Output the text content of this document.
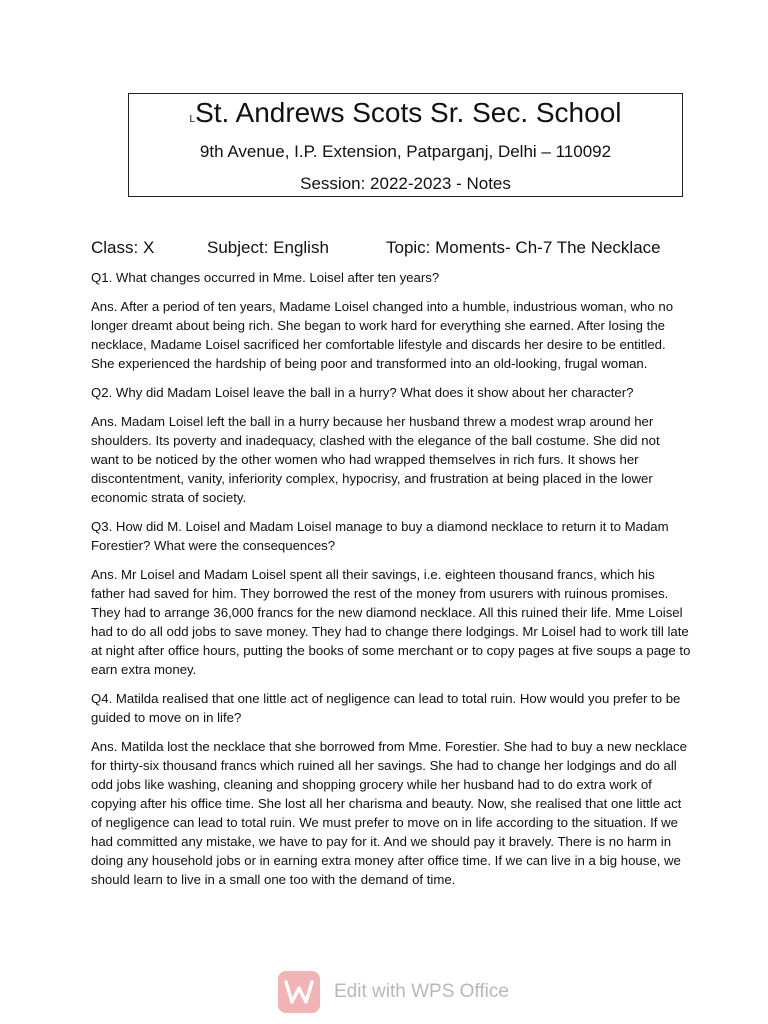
LSt. Andrews Scots Sr. Sec. School
9th Avenue, I.P. Extension, Patparganj, Delhi – 110092
Session: 2022-2023 - Notes
Class: X	Subject: English	Topic: Moments- Ch-7 The Necklace

Q1. What changes occurred in Mme. Loisel after ten years?

Ans. After a period of ten years, Madame Loisel changed into a humble, industrious woman, who no longer dreamt about being rich. She began to work hard for everything she earned. After losing the necklace, Madame Loisel sacrificed her comfortable lifestyle and discards her desire to be entitled. She experienced the hardship of being poor and transformed into an old-looking, frugal woman.

Q2. Why did Madam Loisel leave the ball in a hurry? What does it show about her character?

Ans. Madam Loisel left the ball in a hurry because her husband threw a modest wrap around her shoulders. Its poverty and inadequacy, clashed with the elegance of the ball costume. She did not want to be noticed by the other women who had wrapped themselves in rich furs. It shows her discontentment, vanity, inferiority complex, hypocrisy, and frustration at being placed in the lower economic strata of society.

Q3. How did M. Loisel and Madam Loisel manage to buy a diamond necklace to return it to Madam Forestier? What were the consequences?

Ans. Mr Loisel and Madam Loisel spent all their savings, i.e. eighteen thousand francs, which his father had saved for him. They borrowed the rest of the money from usurers with ruinous promises. They had to arrange 36,000 francs for the new diamond necklace. All this ruined their life. Mme Loisel had to do all odd jobs to save money. They had to change there lodgings. Mr Loisel had to work till late at night after office hours, putting the books of some merchant or to copy pages at five soups a page to earn extra money.

Q4. Matilda realised that one little act of negligence can lead to total ruin. How would you prefer to be guided to move on in life?

Ans. Matilda lost the necklace that she borrowed from Mme. Forestier. She had to buy a new necklace for thirty-six thousand francs which ruined all her savings. She had to change her lodgings and do all odd jobs like washing, cleaning and shopping grocery while her husband had to do extra work of copying after his office time. She lost all her charisma and beauty. Now, she realised that one little act of negligence can lead to total ruin. We must prefer to move on in life according to the situation. If we had committed any mistake, we have to pay for it. And we should pay it bravely. There is no harm in doing any household jobs or in earning extra money after office time. If we can live in a big house, we should learn to live in a small one too with the demand of time.

Edit with WPS Office
